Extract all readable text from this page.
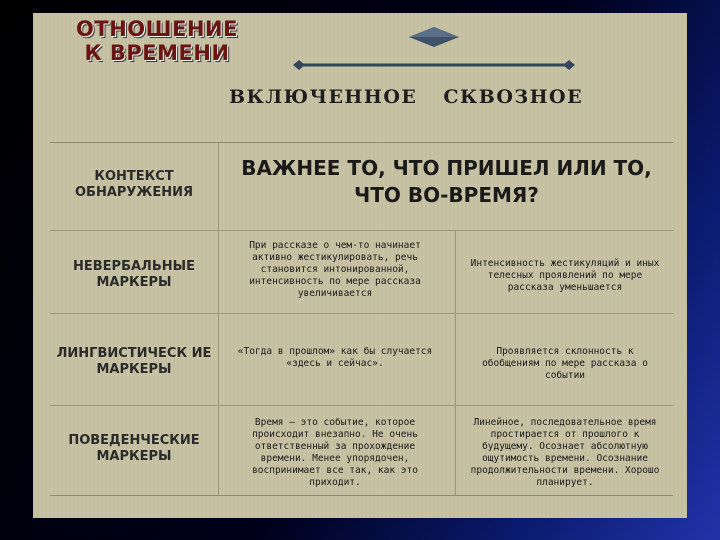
ОТНОШЕНИЕ
К ВРЕМЕНИ
ВКЛЮЧЕННОЕ СКВОЗНОЕ
КОНТЕКСТ ОБНАРУЖЕНИЯ
ВАЖНЕЕ ТО, ЧТО ПРИШЕЛ ИЛИ ТО, ЧТО ВО-ВРЕМЯ?
НЕВЕРБАЛЬНЫЕ МАРКЕРЫ
При рассказе о чем-то начинает активно жестикулировать, речь становится интонированной, интенсивность по мере рассказа увеличивается
Интенсивность жестикуляций и иных телесных проявлений по мере рассказа уменьшается
ЛИНГВИСТИЧЕСК ИЕ МАРКЕРЫ
«Тогда в прошлом» как бы случается «здесь и сейчас».
Проявляется склонность к обобщениям по мере рассказа о событии
ПОВЕДЕНЧЕСКИЕ МАРКЕРЫ
Время – это событие, которое происходит внезапно. Не очень ответственный за прохождение времени. Менее упорядочен, воспринимает все так, как это приходит.
Линейное, последовательное время простирается от прошлого к будущему. Осознает абсолютную ощутимость времени. Осознание продолжительности времени. Хорошо планирует.
